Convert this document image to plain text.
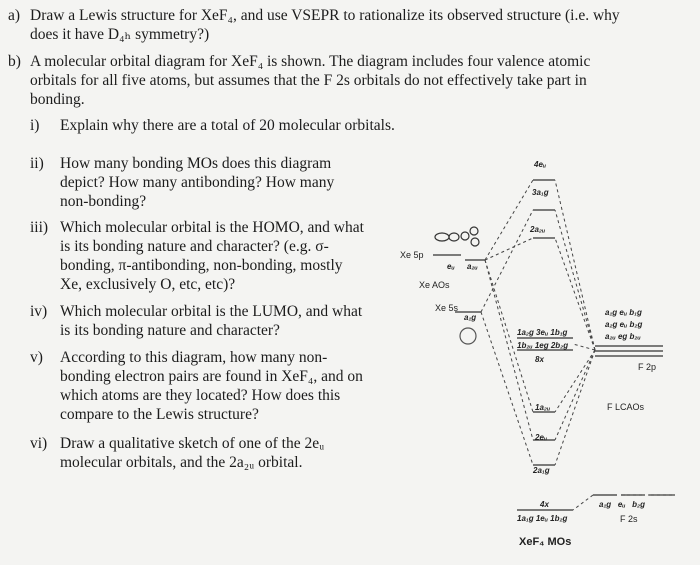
a) Draw a Lewis structure for XeF₄, and use VSEPR to rationalize its observed structure (i.e. why
does it have D₄ₕ symmetry?)
b) A molecular orbital diagram for XeF₄ is shown. The diagram includes four valence atomic
orbitals for all five atoms, but assumes that the F 2s orbitals do not effectively take part in
bonding.
i) Explain why there are a total of 20 molecular orbitals.
ii) How many bonding MOs does this diagram
depict? How many antibonding? How many
non-bonding?
iii) Which molecular orbital is the HOMO, and what
is its bonding nature and character? (e.g. σ-
bonding, π-antibonding, non-bonding, mostly
Xe, exclusively O, etc, etc)?
iv) Which molecular orbital is the LUMO, and what
is its bonding nature and character?
v) According to this diagram, how many non-
bonding electron pairs are found in XeF₄, and on
which atoms are they located? How does this
compare to the Lewis structure?
vi) Draw a qualitative sketch of one of the 2eᵤ
molecular orbitals, and the 2a₂ᵤ orbital.
Xe 5p
eᵤ a₂ᵤ
Xe AOs
Xe 5s
a₁g
4eᵤ
3a₁g
2a₂ᵤ
1a₂g 3eᵤ 1b₁g
1b₂ᵤ 1eg 2b₂g
8x
1a₂ᵤ
2eᵤ
2a₁g
4x
1a₁g 1eᵤ 1b₂g
XeF₄ MOs
a₁g eᵤ b₁g
a₂g eᵤ b₂g
a₂ᵤ eg b₂ᵤ
F 2p
F LCAOs
a₁g   eᵤ   b₂g
F 2s
